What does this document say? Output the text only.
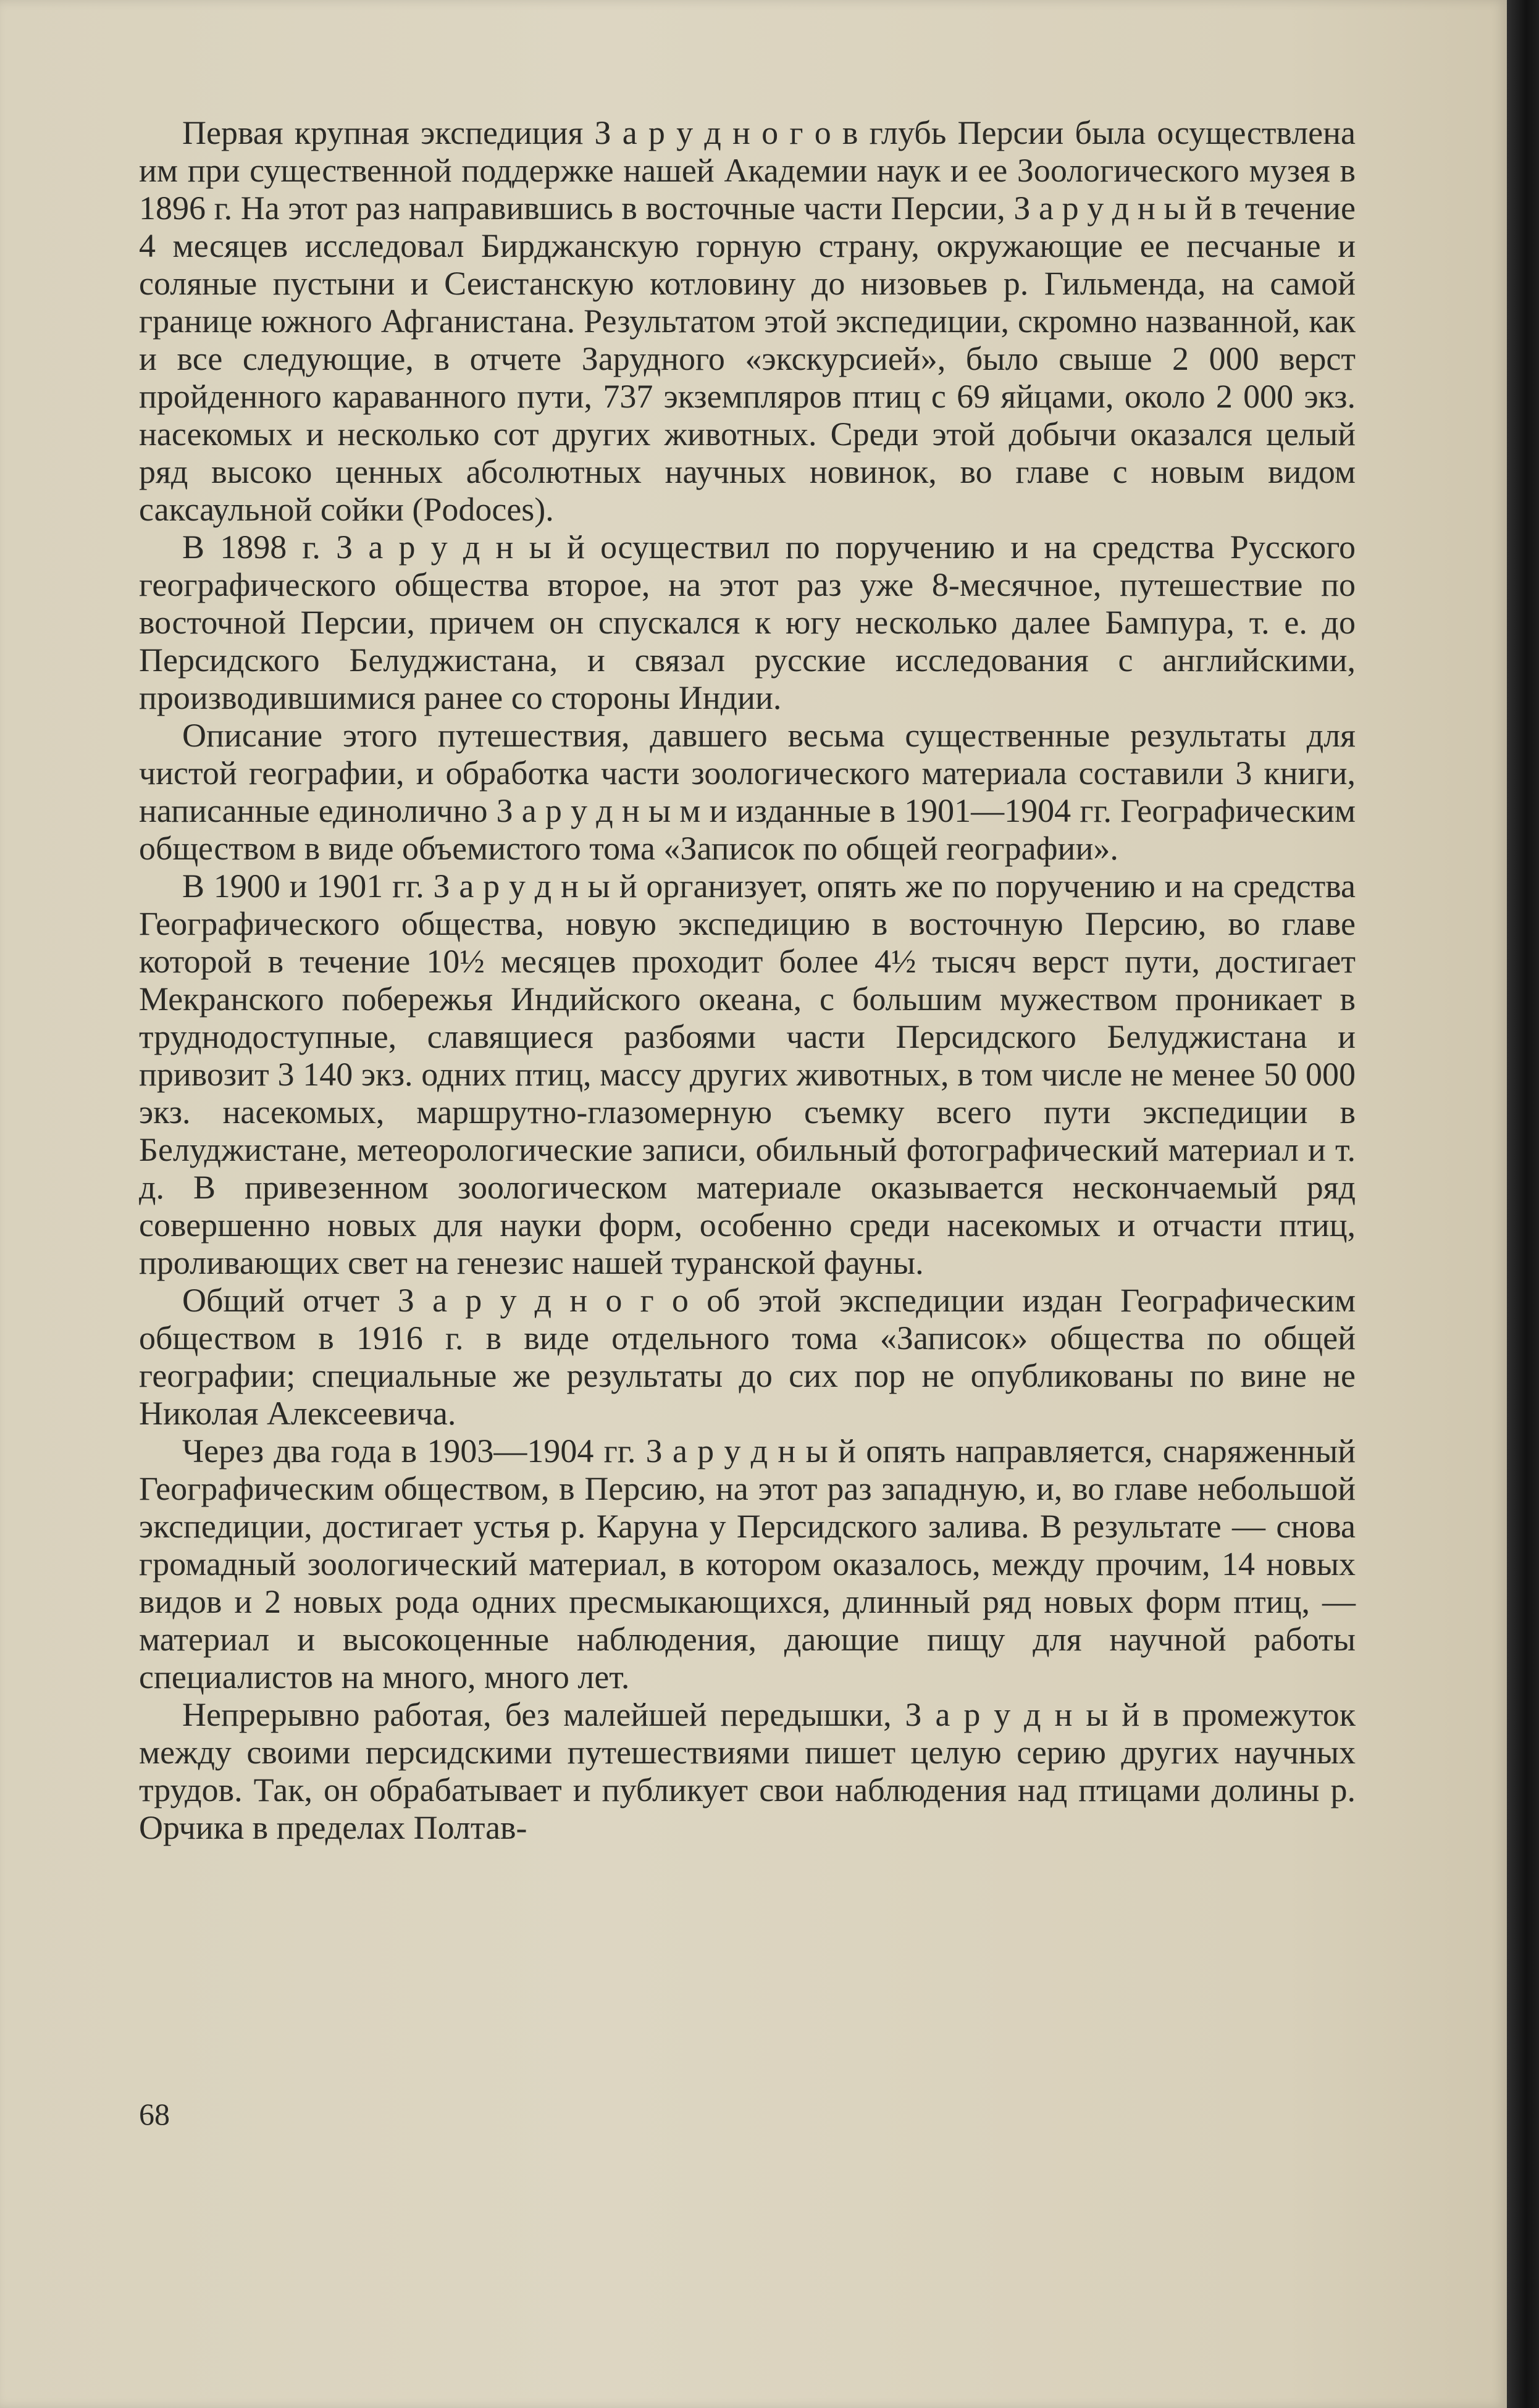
Первая крупная экспедиция З а р у д н о г о в глубь Персии была осуществлена им при существенной поддержке нашей Академии наук и ее Зоологического музея в 1896 г. На этот раз направившись в восточные части Персии, З а р у д н ы й в течение 4 месяцев исследовал Бирджанскую горную страну, окружающие ее песчаные и соляные пустыни и Сеистанскую котловину до низовьев р. Гильменда, на самой границе южного Афганистана. Результатом этой экспедиции, скромно названной, как и все следующие, в отчете Зарудного «экскурсией», было свыше 2 000 верст пройденного караванного пути, 737 экземпляров птиц с 69 яйцами, около 2 000 экз. насекомых и несколько сот других животных. Среди этой добычи оказался целый ряд высоко ценных абсолютных научных новинок, во главе с новым видом саксаульной сойки (Podoces).

В 1898 г. З а р у д н ы й осуществил по поручению и на средства Русского географического общества второе, на этот раз уже 8-месячное, путешествие по восточной Персии, причем он спускался к югу несколько далее Бампура, т. е. до Персидского Белуджистана, и связал русские исследования с английскими, производившимися ранее со стороны Индии.

Описание этого путешествия, давшего весьма существенные результаты для чистой географии, и обработка части зоологического материала составили 3 книги, написанные единолично З а р у д н ы м и изданные в 1901—1904 гг. Географическим обществом в виде объемистого тома «Записок по общей географии».

В 1900 и 1901 гг. З а р у д н ы й организует, опять же по поручению и на средства Географического общества, новую экспедицию в восточную Персию, во главе которой в течение 10½ месяцев проходит более 4½ тысяч верст пути, достигает Мекранского побережья Индийского океана, с большим мужеством проникает в труднодоступные, славящиеся разбоями части Персидского Белуджистана и привозит 3 140 экз. одних птиц, массу других животных, в том числе не менее 50 000 экз. насекомых, маршрутно-глазомерную съемку всего пути экспедиции в Белуджистане, метеорологические записи, обильный фотографический материал и т. д. В привезенном зоологическом материале оказывается нескончаемый ряд совершенно новых для науки форм, особенно среди насекомых и отчасти птиц, проливающих свет на генезис нашей туранской фауны.

Общий отчет З а р у д н о г о об этой экспедиции издан Географическим обществом в 1916 г. в виде отдельного тома «Записок» общества по общей географии; специальные же результаты до сих пор не опубликованы по вине не Николая Алексеевича.

Через два года в 1903—1904 гг. З а р у д н ы й опять направляется, снаряженный Географическим обществом, в Персию, на этот раз западную, и, во главе небольшой экспедиции, достигает устья р. Каруна у Персидского залива. В результате — снова громадный зоологический материал, в котором оказалось, между прочим, 14 новых видов и 2 новых рода одних пресмыкающихся, длинный ряд новых форм птиц, — материал и высокоценные наблюдения, дающие пищу для научной работы специалистов на много, много лет.

Непрерывно работая, без малейшей передышки, З а р у д н ы й в промежуток между своими персидскими путешествиями пишет целую серию других научных трудов. Так, он обрабатывает и публикует свои наблюдения над птицами долины р. Орчика в пределах Полтав-

68
